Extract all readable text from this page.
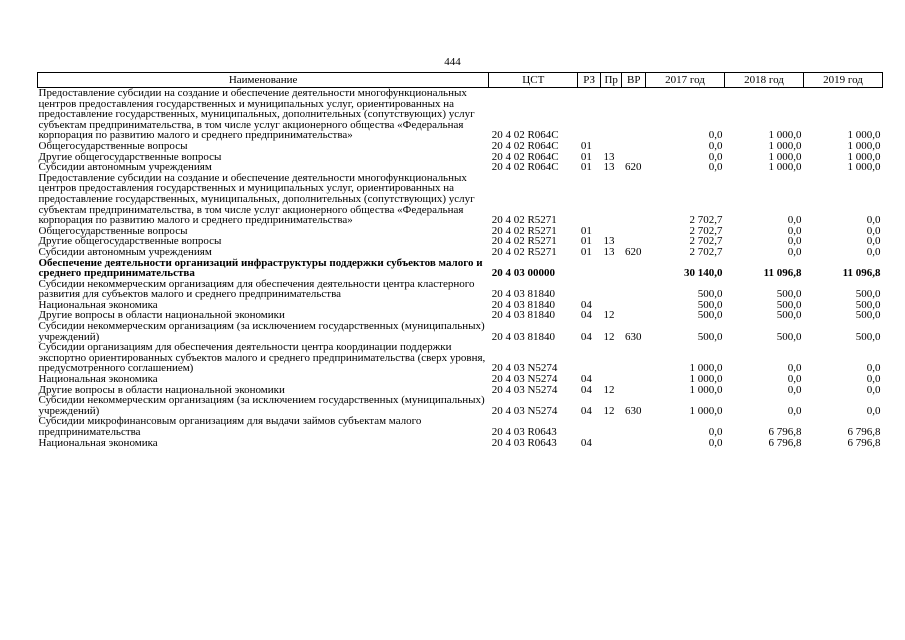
444
Наименование	ЦСТ	РЗ	Пр	ВР	2017 год	2018 год	2019 год
Предоставление субсидии на создание и обеспечение деятельности многофункциональных центров предоставления государственных и муниципальных услуг, ориентированных на предоставление государственных, муниципальных, дополнительных (сопутствующих) услуг субъектам предпринимательства, в том числе услуг акционерного общества «Федеральная корпорация по развитию малого и среднего предпринимательства»	20 4 02 R064C				0,0	1 000,0	1 000,0
Общегосударственные вопросы	20 4 02 R064C	01			0,0	1 000,0	1 000,0
Другие общегосударственные вопросы	20 4 02 R064C	01	13		0,0	1 000,0	1 000,0
Субсидии автономным учреждениям	20 4 02 R064C	01	13	620	0,0	1 000,0	1 000,0
Предоставление субсидии на создание и обеспечение деятельности многофункциональных центров предоставления государственных и муниципальных услуг, ориентированных на предоставление государственных, муниципальных, дополнительных (сопутствующих) услуг субъектам предпринимательства, в том числе услуг акционерного общества «Федеральная корпорация по развитию малого и среднего предпринимательства»	20 4 02 R5271				2 702,7	0,0	0,0
Общегосударственные вопросы	20 4 02 R5271	01			2 702,7	0,0	0,0
Другие общегосударственные вопросы	20 4 02 R5271	01	13		2 702,7	0,0	0,0
Субсидии автономным учреждениям	20 4 02 R5271	01	13	620	2 702,7	0,0	0,0
Обеспечение деятельности организаций инфраструктуры поддержки субъектов малого и среднего предпринимательства	20 4 03 00000				30 140,0	11 096,8	11 096,8
Субсидии некоммерческим организациям для обеспечения деятельности центра кластерного развития для субъектов малого и среднего предпринимательства	20 4 03 81840				500,0	500,0	500,0
Национальная экономика	20 4 03 81840	04			500,0	500,0	500,0
Другие вопросы в области национальной экономики	20 4 03 81840	04	12		500,0	500,0	500,0
Субсидии некоммерческим организациям (за исключением государственных (муниципальных) учреждений)	20 4 03 81840	04	12	630	500,0	500,0	500,0
Субсидии организациям для обеспечения деятельности центра координации поддержки экспортно ориентированных субъектов малого и среднего предпринимательства (сверх уровня, предусмотренного соглашением)	20 4 03 N5274				1 000,0	0,0	0,0
Национальная экономика	20 4 03 N5274	04			1 000,0	0,0	0,0
Другие вопросы в области национальной экономики	20 4 03 N5274	04	12		1 000,0	0,0	0,0
Субсидии некоммерческим организациям (за исключением государственных (муниципальных) учреждений)	20 4 03 N5274	04	12	630	1 000,0	0,0	0,0
Субсидии микрофинансовым организациям для выдачи займов субъектам малого предпринимательства	20 4 03 R0643				0,0	6 796,8	6 796,8
Национальная экономика	20 4 03 R0643	04			0,0	6 796,8	6 796,8
